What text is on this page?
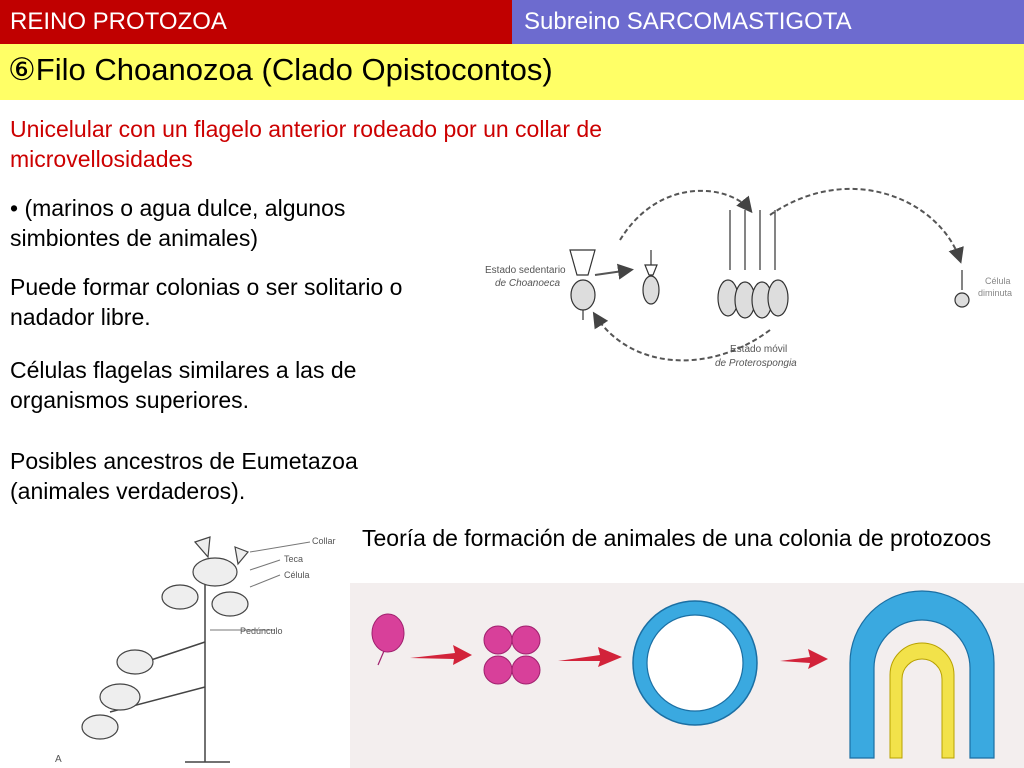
REINO PROTOZOA	Subreino SARCOMASTIGOTA
⑥Filo Choanozoa (Clado Opistocontos)
Unicelular con un flagelo anterior rodeado por un collar de microvellosidades
• (marinos o agua dulce, algunos simbiontes de animales)
Puede formar colonias o ser solitario o nadador libre.
Células flagelas similares a las de organismos superiores.
Posibles ancestros de Eumetazoa (animales verdaderos).
Teoría de formación de animales de una colonia de protozoos
Estado sedentario
de Choanoeca
Estado móvil
de Proterospongia
Célula
diminuta
Collar
Teca
Célula
Pedúnculo
A
